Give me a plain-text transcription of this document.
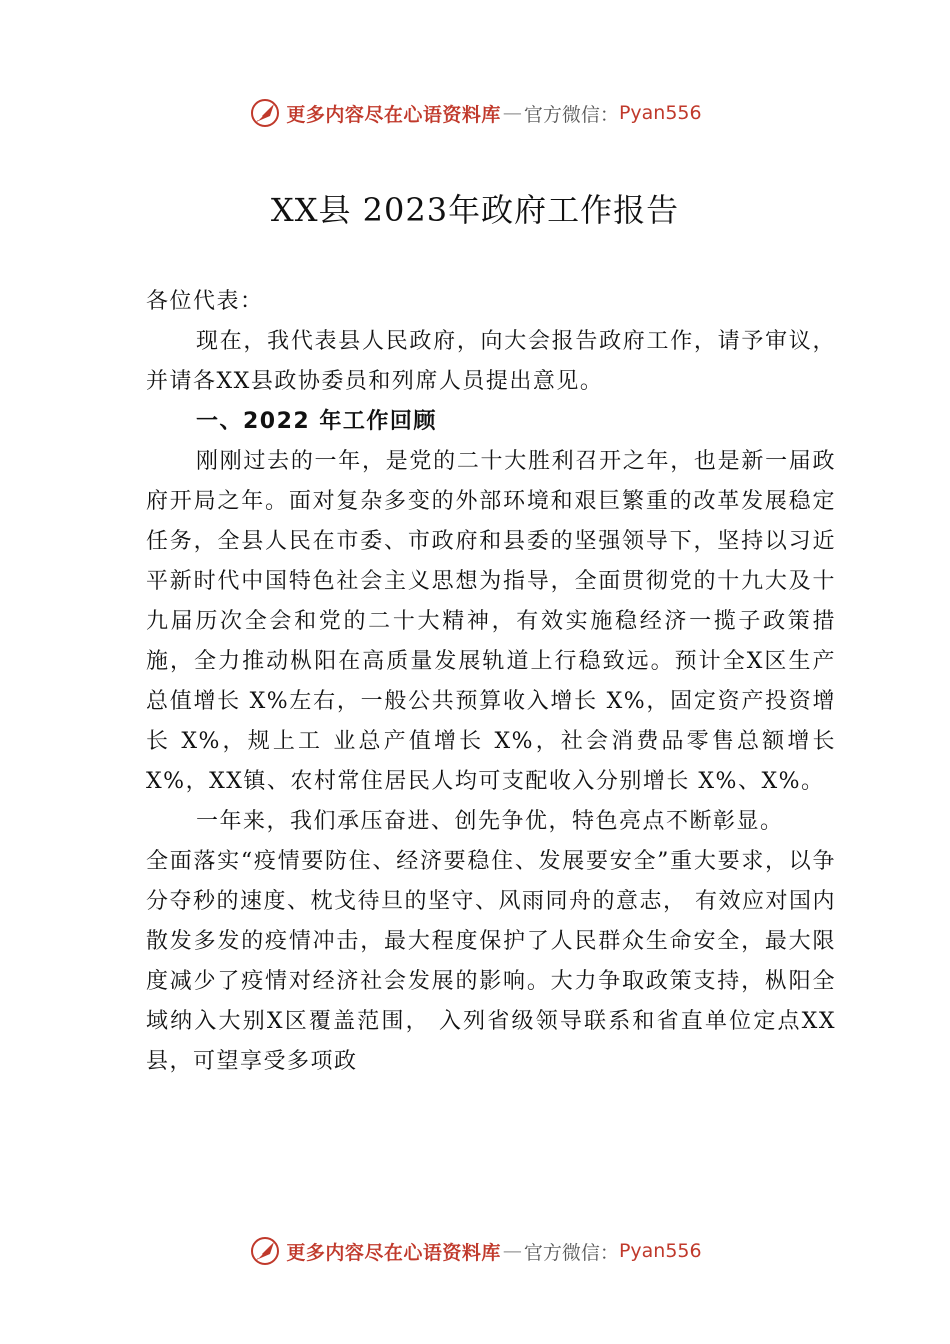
更多内容尽在心语资料库 — 官方微信： Pyan556
XX县 2023年政府工作报告

各位代表：

现在，我代表县人民政府，向大会报告政府工作，请予审议，并请各XX县政协委员和列席人员提出意见。

一、2022 年工作回顾

刚刚过去的一年，是党的二十大胜利召开之年，也是新一届政府开局之年。面对复杂多变的外部环境和艰巨繁重的改革发展稳定任务，全县人民在市委、市政府和县委的坚强领导下，坚持以习近平新时代中国特色社会主义思想为指导，全面贯彻党的十九大及十九届历次全会和党的二十大精神，有效实施稳经济一揽子政策措施，全力推动枞阳在高质量发展轨道上行稳致远。预计全X区生产总值增长 X%左右，一般公共预算收入增长 X%，固定资产投资增长 X%，规上工 业总产值增长 X%，社会消费品零售总额增长 X%，XX镇、农村常住居民人均可支配收入分别增长 X%、X%。

一年来，我们承压奋进、创先争优，特色亮点不断彰显。

全面落实“疫情要防住、经济要稳住、发展要安全”重大要求，以争分夺秒的速度、枕戈待旦的坚守、风雨同舟的意志， 有效应对国内散发多发的疫情冲击，最大程度保护了人民群众生命安全，最大限度减少了疫情对经济社会发展的影响。大力争取政策支持，枞阳全域纳入大别X区覆盖范围， 入列省级领导联系和省直单位定点XX县，可望享受多项政

更多内容尽在心语资料库 — 官方微信： Pyan556
